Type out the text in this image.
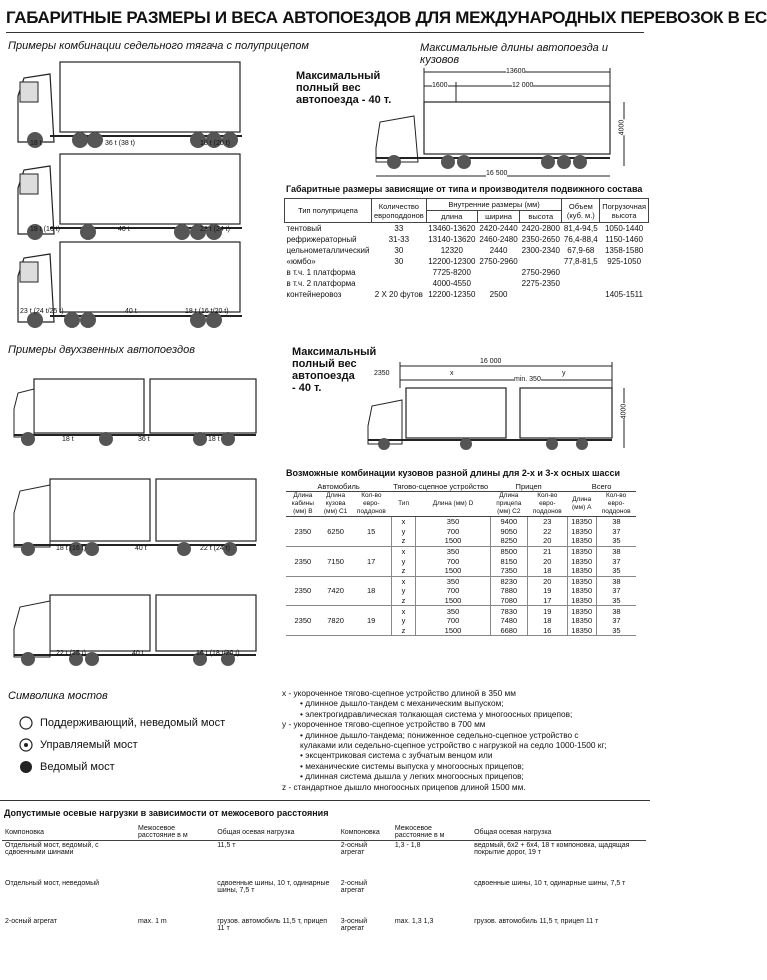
ГАБАРИТНЫЕ РАЗМЕРЫ И ВЕСА АВТОПОЕЗДОВ ДЛЯ МЕЖДУНАРОДНЫХ ПЕРЕВОЗОК В ЕС
Примеры комбинации седельного тягача с полуприцепом
18 t	36 t (38 t)	18 t (20 t)
18 t (16 t)	40 t	22 t (24 t)
23 t (24 t/25 t)	40 t	18 t (16 t/20 t)
Примеры двухзвенных автопоездов
18 t	36 t	18 t
18 t (16 t)	40 t	22 t (24 t)
22 t (25 t)	40 t	16 t (18 t/20 t)
Максимальные длины автопоезда и кузовов
Максимальный
полный вес
автопоезда - 40 т.
13600
1600	12 000
4000
16 500
Габаритные размеры зависящие от типа и производителя подвижного состава
Тип полуприцепа	Количество европоддонов	Внутренние размеры (мм)			Объем (куб. м.)	Погрузочная высота
		длина	ширина	высота		
тентовый	33	13460-13620	2420-2440	2420-2800	81,4-94,5	1050-1440
рефрижераторный	31-33	13140-13620	2460-2480	2350-2650	76,4-88,4	1150-1460
цельнометаллический	30	12320	2440	2300-2340	67,9-68	1358-1580
«юмбо»	30	12200-12300	2750-2960		77,8-81,5	925-1050
в т.ч. 1 платформа		7725-8200		2750-2960		
в т.ч. 2 платформа		4000-4550		2275-2350		
контейнеровоз	2 Х 20 футов	12200-12350	2500			1405-1511
Максимальный
полный вес
автопоезда
- 40 т.
16 000
2350	x	y
min. 350
4000
Возможные комбинации кузовов разной длины для 2-х и 3-х осных шасси
Автомобиль			Тягово-сцепное устройство		Прицеп		Всего	
Длина кабины (мм) B	Длина кузова (мм) C1	Кол-во евро-поддонов	Тип	Длина (мм) D	Длина прицепа (мм) C2	Кол-во евро-поддонов	Длина (мм) A	Кол-во евро-поддонов
2350	6250	15	x	350	9400	23	18350	38
			y	700	9050	22	18350	37
			z	1500	8250	20	18350	35
2350	7150	17	x	350	8500	21	18350	38
			y	700	8150	20	18350	37
			z	1500	7350	18	18350	35
2350	7420	18	x	350	8230	20	18350	38
			y	700	7880	19	18350	37
			z	1500	7080	17	18350	35
2350	7820	19	x	350	7830	19	18350	38
			y	700	7480	18	18350	37
			z	1500	6680	16	18350	35
Символика мостов
Поддерживающий, неведомый мост
Управляемый мост
Ведомый мост
х - укороченное тягово-сцепное устройство длиной в 350 мм
• длинное дышло-тандем с механическим выпуском;
• электрогидравлическая толкающая система у многоосных прицепов;
у - укороченное тягово-сцепное устройство в 700 мм
• длинное дышло-тандема; пониженное седельно-сцепное устройство с
кулаками или седельно-сцепное устройство с нагрузкой на седло 1000-1500 кг;
• эксцентриковая система с зубчатым венцом или
• механические системы выпуска у многоосных прицепов;
• длинная система дышла у легких многоосных прицепов;
z - стандартное дышло многоосных прицепов длиной 1500 мм.
Допустимые осевые нагрузки в зависимости от межосевого расстояния
Компоновка	Межосевое расстояние в м	Общая осевая нагрузка	Компоновка	Межосевое расстояние в м	Общая осевая нагрузка
Отдельный мост, ведомый, с сдвоенными шинами		11,5 т	2-осный агрегат	1,3 - 1,8	ведомый, 6х2 + 6х4, 18 т компоновка, щадящая покрытие дорог, 19 т
Отдельный мост, неведомый		сдвоенные шины, 10 т, одинарные шины, 7,5 т	2-осный агрегат		сдвоенные шины, 10 т, одинарные шины, 7,5 т
2-осный агрегат	max. 1 m	грузов. автомобиль 11,5 т, прицеп 11 т	3-осный агрегат	max. 1,3 1,3	грузов. автомобиль 11,5 т, прицеп 11 т
